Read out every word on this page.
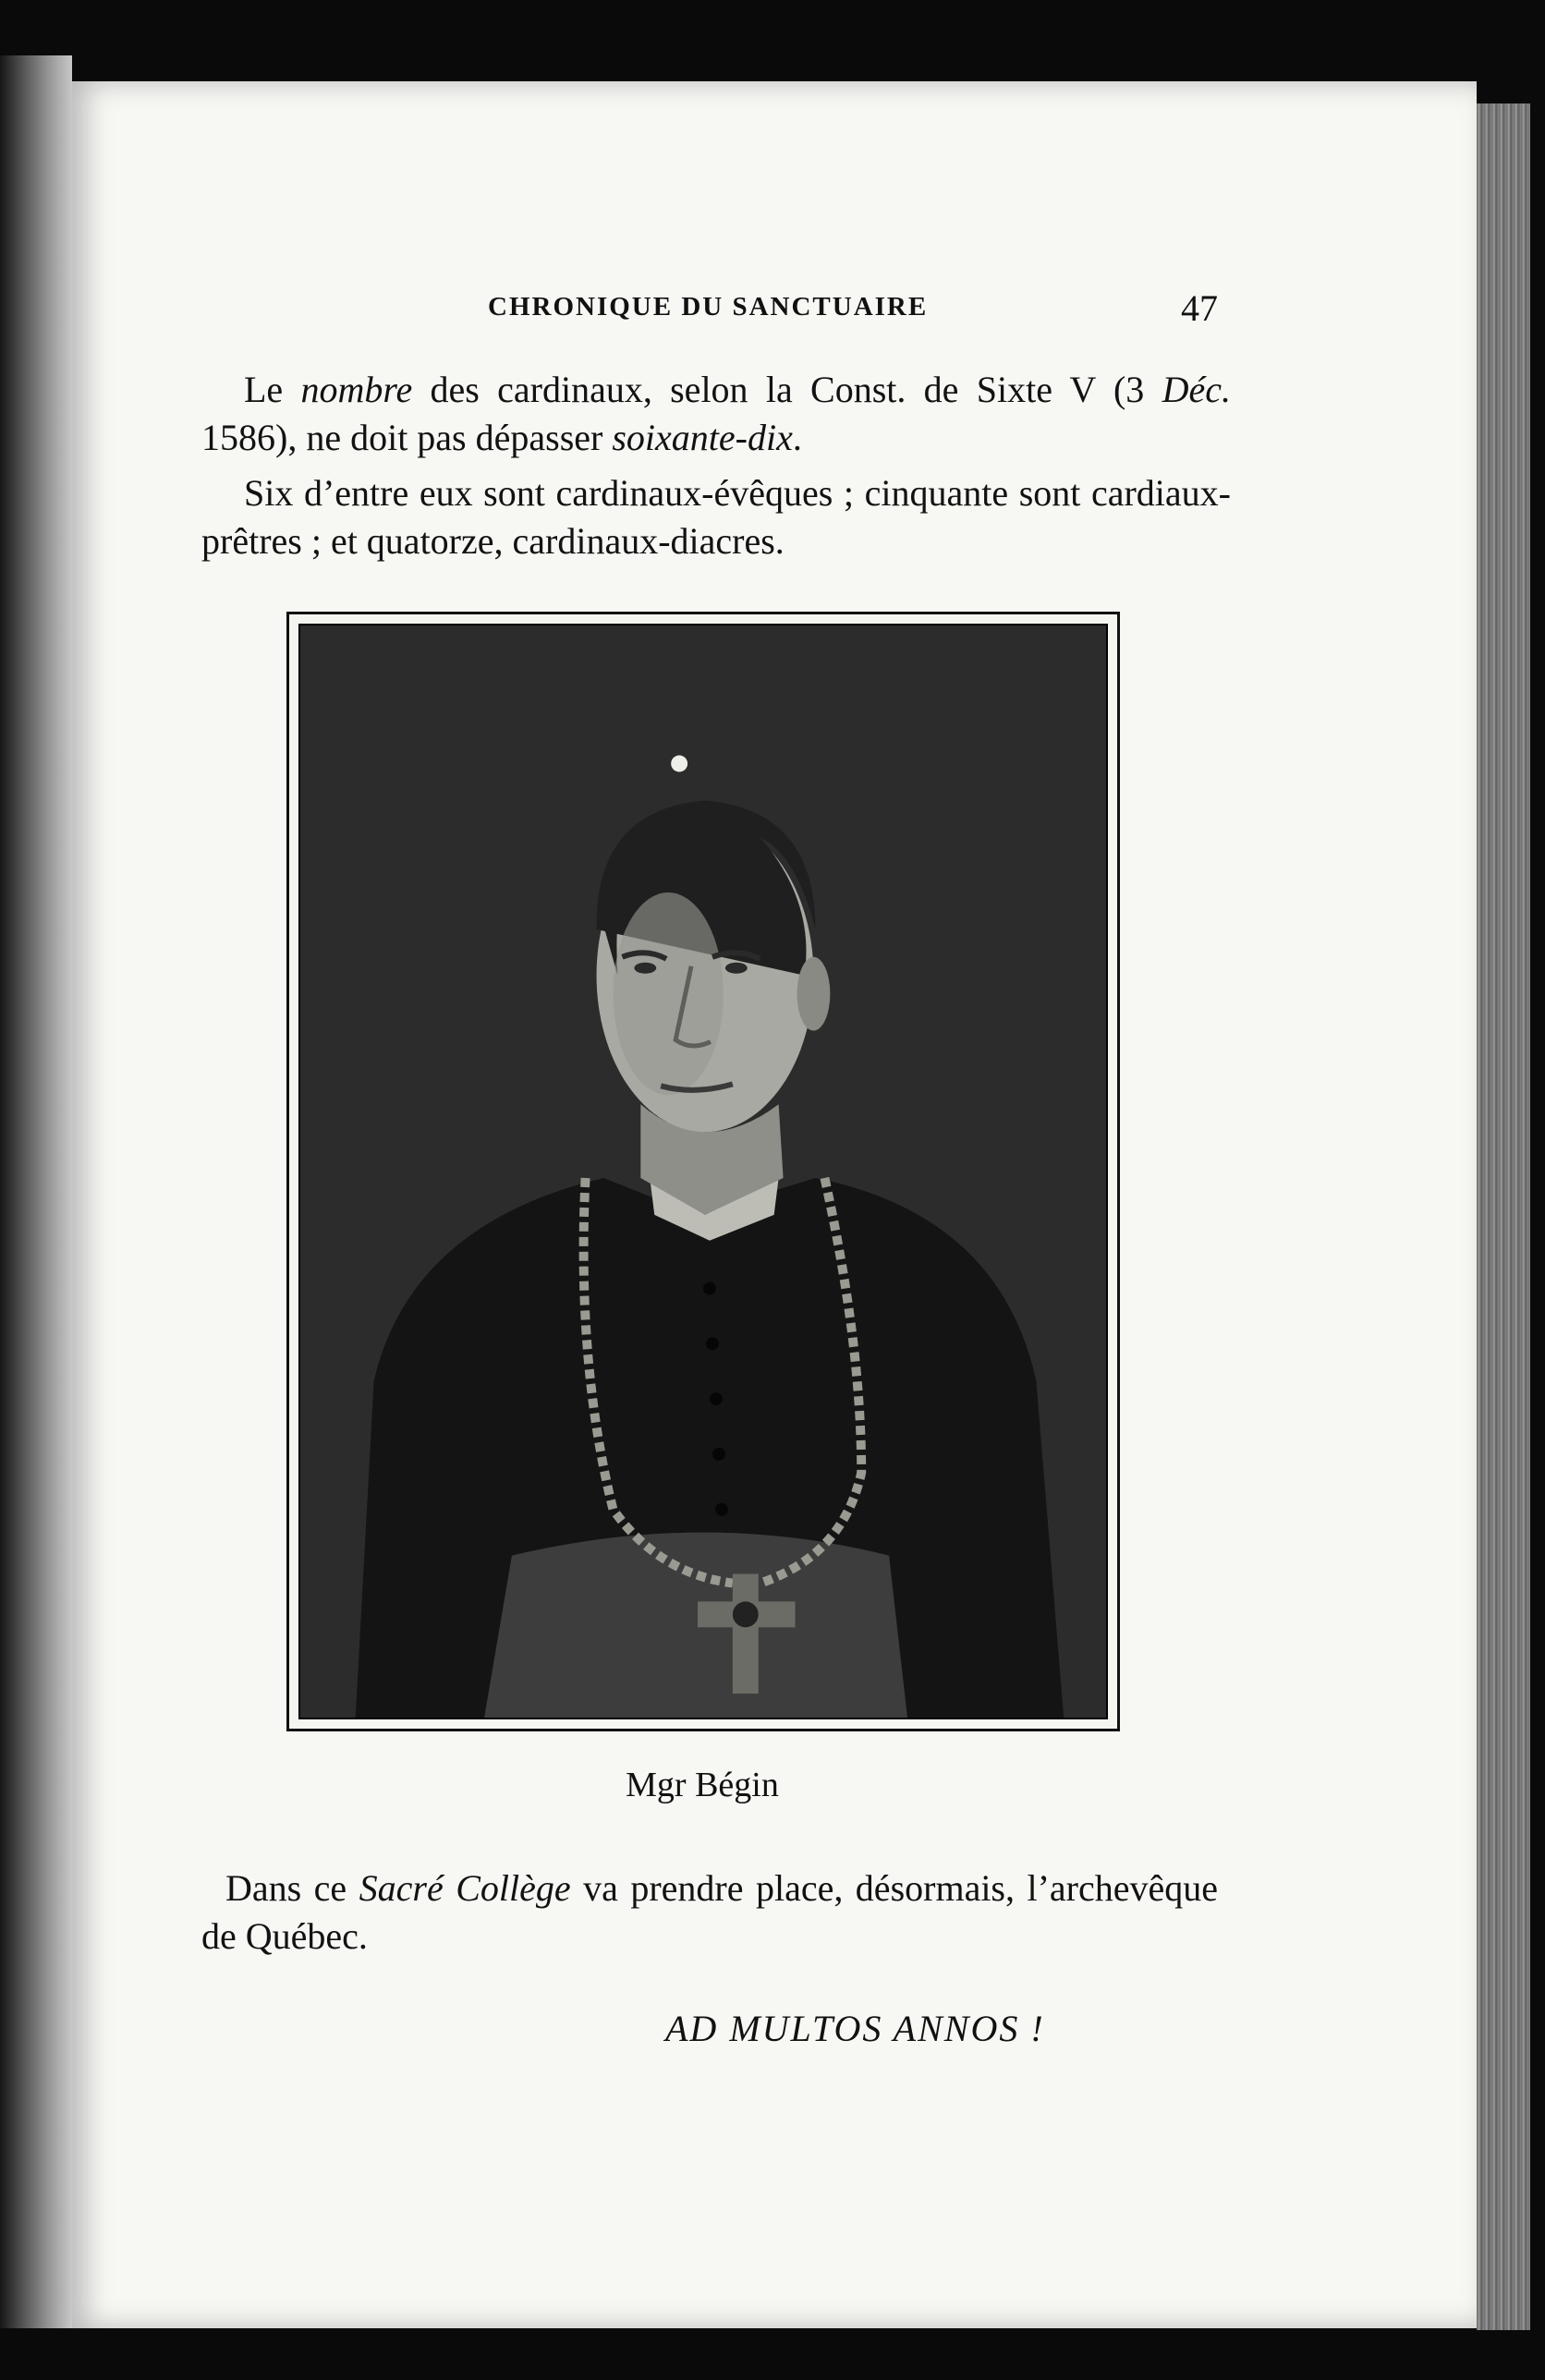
CHRONIQUE DU SANCTUAIRE	47

Le nombre des cardinaux, selon la Const. de Sixte V (3 Déc. 1586), ne doit pas dépasser soixante-dix.

Six d’entre eux sont cardinaux-évêques ; cinquante sont cardiaux-prêtres ; et quatorze, cardinaux-diacres.

Mgr Bégin

Dans ce Sacré Collège va prendre place, désormais, l’archevêque de Québec.

AD MULTOS ANNOS !
